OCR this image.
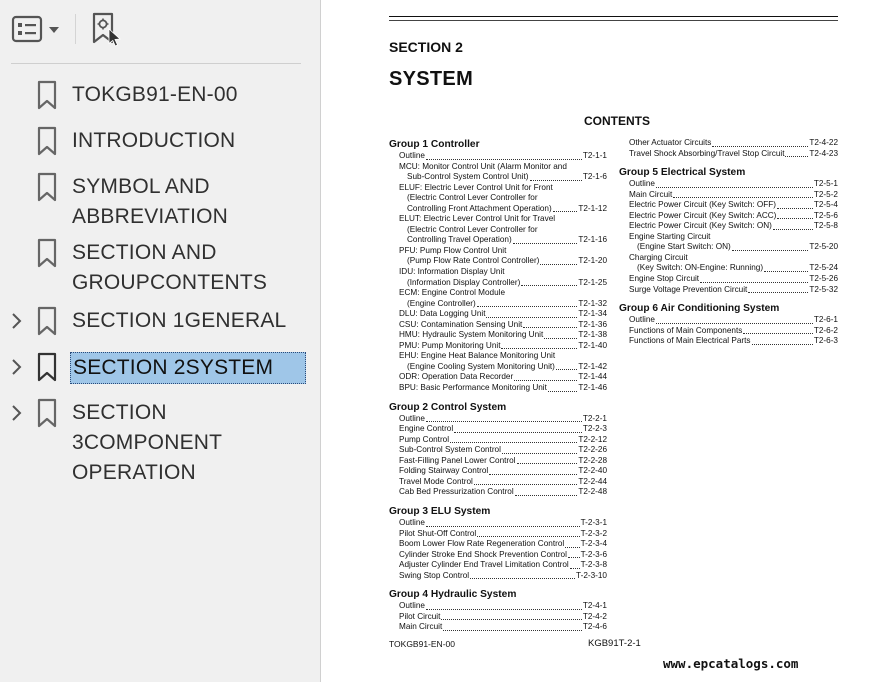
TOKGB91-EN-00
INTRODUCTION
SYMBOL AND
ABBREVIATION
SECTION AND
GROUPCONTENTS
SECTION 1GENERAL
SECTION 2SYSTEM
SECTION
3COMPONENT
OPERATION
SECTION 2
SYSTEM
CONTENTS
Group 1 Controller
Outline	T2-1-1
MCU: Monitor Control Unit (Alarm Monitor and
Sub-Control System Control Unit)	T2-1-6
ELUF: Electric Lever Control Unit for Front
(Electric Control Lever Controller for
Controlling Front Attachment Operation)	T2-1-12
ELUT: Electric Lever Control Unit for Travel
(Electric Control Lever Controller for
Controlling Travel Operation)	T2-1-16
PFU: Pump Flow Control Unit
(Pump Flow Rate Control Controller)	T2-1-20
IDU: Information Display Unit
(Information Display Controller)	T2-1-25
ECM: Engine Control Module
(Engine Controller)	T2-1-32
DLU: Data Logging Unit	T2-1-34
CSU: Contamination Sensing Unit	T2-1-36
HMU: Hydraulic System Monitoring Unit	T2-1-38
PMU: Pump Monitoring Unit	T2-1-40
EHU: Engine Heat Balance Monitoring Unit
(Engine Cooling System Monitoring Unit)	T2-1-42
ODR: Operation Data Recorder	T2-1-44
BPU: Basic Performance Monitoring Unit	T2-1-46
Group 2 Control System
Outline	T2-2-1
Engine Control	T2-2-3
Pump Control	T2-2-12
Sub-Control System Control	T2-2-26
Fast-Filling Panel Lower Control	T2-2-28
Folding Stairway Control	T2-2-40
Travel Mode Control	T2-2-44
Cab Bed Pressurization Control	T2-2-48
Group 3 ELU System
Outline	T-2-3-1
Pilot Shut-Off Control	T-2-3-2
Boom Lower Flow Rate Regeneration Control T-2-3-4
Cylinder Stroke End Shock Prevention Control T-2-3-6
Adjuster Cylinder End Travel Limitation Control T-2-3-8
Swing Stop Control	T-2-3-10
Group 4 Hydraulic System
Outline	T2-4-1
Pilot Circuit	T2-4-2
Main Circuit	T2-4-6
Other Actuator Circuits	T2-4-22
Travel Shock Absorbing/Travel Stop Circuit	T2-4-23
Group 5 Electrical System
Outline	T2-5-1
Main Circuit	T2-5-2
Electric Power Circuit (Key Switch: OFF)	T2-5-4
Electric Power Circuit (Key Switch: ACC)	T2-5-6
Electric Power Circuit (Key Switch: ON)	T2-5-8
Engine Starting Circuit
(Engine Start Switch: ON)	T2-5-20
Charging Circuit
(Key Switch: ON-Engine: Running)	T2-5-24
Engine Stop Circuit	T2-5-26
Surge Voltage Prevention Circuit	T2-5-32
Group 6 Air Conditioning System
Outline	T2-6-1
Functions of Main Components	T2-6-2
Functions of Main Electrical Parts	T2-6-3
TOKGB91-EN-00	KGB91T-2-1
www.epcatalogs.com
